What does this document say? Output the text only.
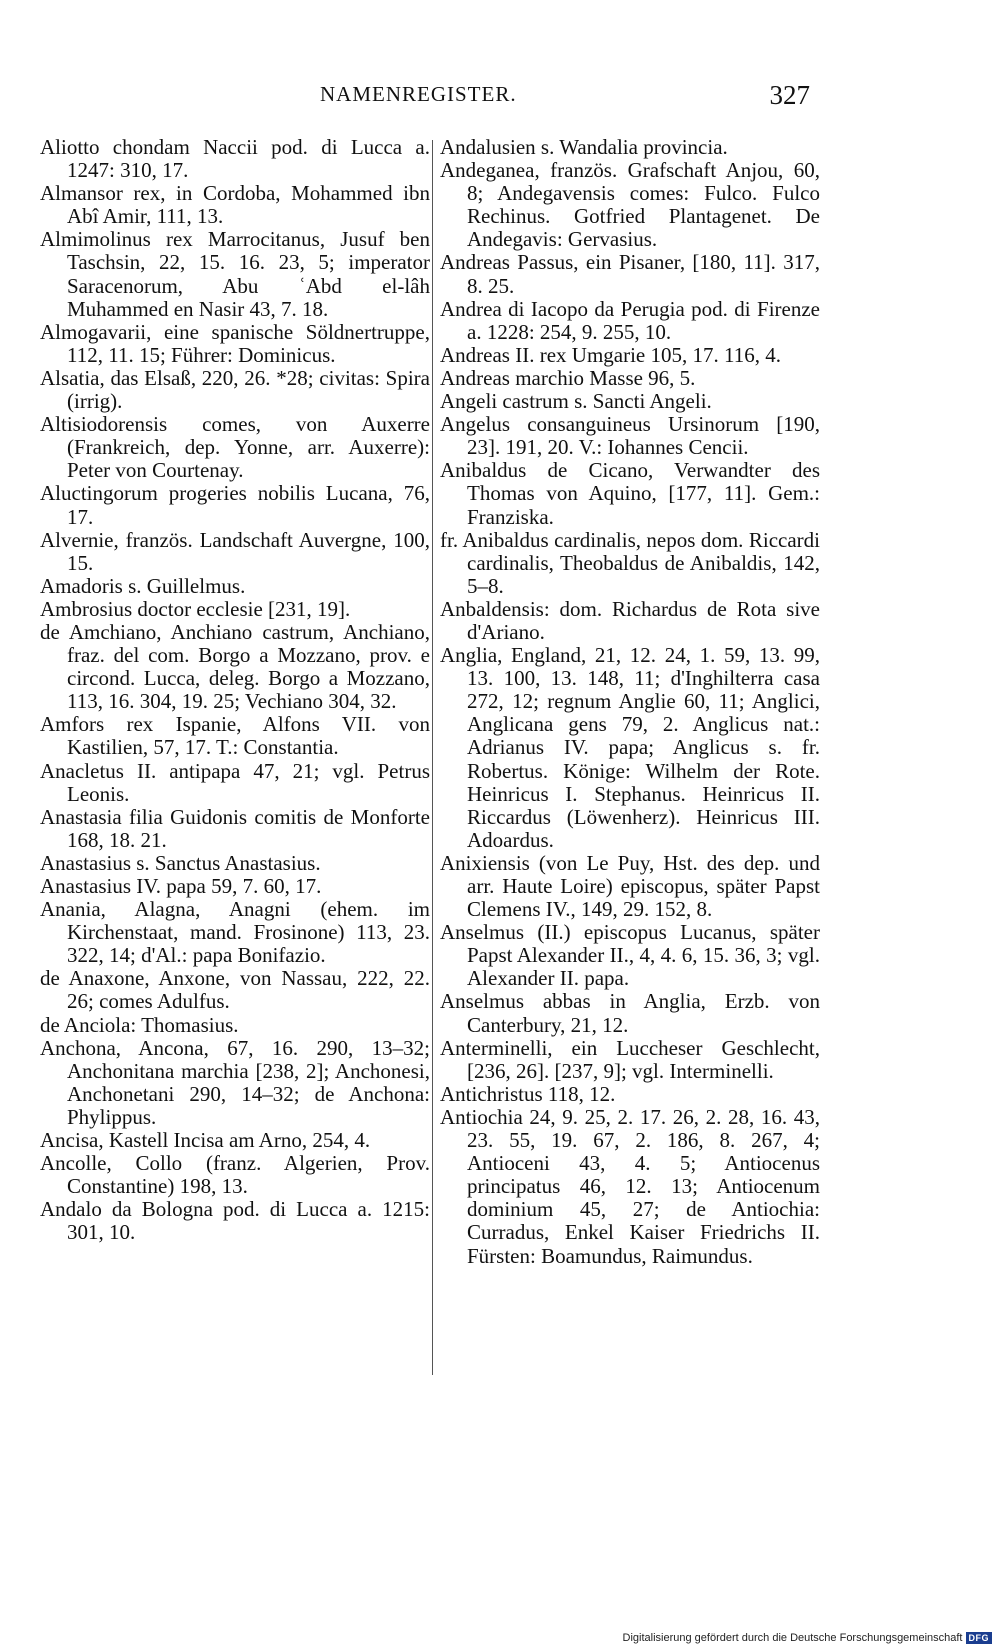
NAMENREGISTER.	327
Aliotto chondam Naccii pod. di Lucca a. 1247: 310, 17.
Almansor rex, in Cordoba, Mohammed ibn Abî Amir, 111, 13.
Almimolinus rex Marrocitanus, Jusuf ben Taschsin, 22, 15. 16. 23, 5; imperator Saracenorum, Abu ʿAbd el-lâh Muhammed en Nasir 43, 7. 18.
Almogavarii, eine spanische Söldnertruppe, 112, 11. 15; Führer: Dominicus.
Alsatia, das Elsaß, 220, 26. *28; civitas: Spira (irrig).
Altisiodorensis comes, von Auxerre (Frankreich, dep. Yonne, arr. Auxerre): Peter von Courtenay.
Aluctingorum progeries nobilis Lucana, 76, 17.
Alvernie, französ. Landschaft Auvergne, 100, 15.
Amadoris s. Guillelmus.
Ambrosius doctor ecclesie [231, 19].
de Amchiano, Anchiano castrum, Anchiano, fraz. del com. Borgo a Mozzano, prov. e circond. Lucca, deleg. Borgo a Mozzano, 113, 16. 304, 19. 25; Vechiano 304, 32.
Amfors rex Ispanie, Alfons VII. von Kastilien, 57, 17. T.: Constantia.
Anacletus II. antipapa 47, 21; vgl. Petrus Leonis.
Anastasia filia Guidonis comitis de Monforte 168, 18. 21.
Anastasius s. Sanctus Anastasius.
Anastasius IV. papa 59, 7. 60, 17.
Anania, Alagna, Anagni (ehem. im Kirchenstaat, mand. Frosinone) 113, 23. 322, 14; d'Al.: papa Bonifazio.
de Anaxone, Anxone, von Nassau, 222, 22. 26; comes Adulfus.
de Anciola: Thomasius.
Anchona, Ancona, 67, 16. 290, 13–32; Anchonitana marchia [238, 2]; Anchonesi, Anchonetani 290, 14–32; de Anchona: Phylippus.
Ancisa, Kastell Incisa am Arno, 254, 4.
Ancolle, Collo (franz. Algerien, Prov. Constantine) 198, 13.
Andalo da Bologna pod. di Lucca a. 1215: 301, 10.
Andalusien s. Wandalia provincia.
Andeganea, französ. Grafschaft Anjou, 60, 8; Andegavensis comes: Fulco. Fulco Rechinus. Gotfried Plantagenet. De Andegavis: Gervasius.
Andreas Passus, ein Pisaner, [180, 11]. 317, 8. 25.
Andrea di Iacopo da Perugia pod. di Firenze a. 1228: 254, 9. 255, 10.
Andreas II. rex Umgarie 105, 17. 116, 4.
Andreas marchio Masse 96, 5.
Angeli castrum s. Sancti Angeli.
Angelus consanguineus Ursinorum [190, 23]. 191, 20. V.: Iohannes Cencii.
Anibaldus de Cicano, Verwandter des Thomas von Aquino, [177, 11]. Gem.: Franziska.
fr. Anibaldus cardinalis, nepos dom. Riccardi cardinalis, Theobaldus de Anibaldis, 142, 5–8.
Anbaldensis: dom. Richardus de Rota sive d'Ariano.
Anglia, England, 21, 12. 24, 1. 59, 13. 99, 13. 100, 13. 148, 11; d'Inghilterra casa 272, 12; regnum Anglie 60, 11; Anglici, Anglicana gens 79, 2. Anglicus nat.: Adrianus IV. papa; Anglicus s. fr. Robertus. Könige: Wilhelm der Rote. Heinricus I. Stephanus. Heinricus II. Riccardus (Löwenherz). Heinricus III. Adoardus.
Anixiensis (von Le Puy, Hst. des dep. und arr. Haute Loire) episcopus, später Papst Clemens IV., 149, 29. 152, 8.
Anselmus (II.) episcopus Lucanus, später Papst Alexander II., 4, 4. 6, 15. 36, 3; vgl. Alexander II. papa.
Anselmus abbas in Anglia, Erzb. von Canterbury, 21, 12.
Anterminelli, ein Luccheser Geschlecht, [236, 26]. [237, 9]; vgl. Interminelli.
Antichristus 118, 12.
Antiochia 24, 9. 25, 2. 17. 26, 2. 28, 16. 43, 23. 55, 19. 67, 2. 186, 8. 267, 4; Antioceni 43, 4. 5; Antiocenus principatus 46, 12. 13; Antiocenum dominium 45, 27; de Antiochia: Curradus, Enkel Kaiser Friedrichs II. Fürsten: Boamundus, Raimundus.
Digitalisierung gefördert durch die Deutsche Forschungsgemeinschaft DFG
